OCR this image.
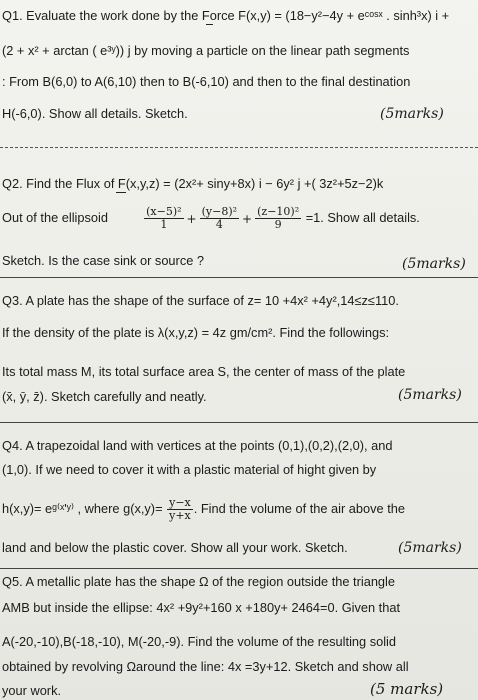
Q1. Evaluate the work done by the Force F(x,y) = (18−y²−4y + eᶜᵒˢˣ . sinh³x) i +
(2 + x² + arctan ( e³ʸ)) j by moving a particle on the linear path segments
: From B(6,0) to A(6,10) then to B(-6,10) and then to the final destination
H(-6,0). Show all details. Sketch.	(5marks)
Q2. Find the Flux of F(x,y,z) = (2x²+ siny+8x) i − 6y² j +( 3z²+5z−2)k
Out of the ellipsoid	$\frac{\text{(x−5)²}}{1} + \frac{\text{(y−8)²}}{4} + \frac{\text{(z−10)²}}{9} =1$. Show all details.
Sketch. Is the case sink or source ?	(5marks)
Q3. A plate has the shape of the surface of z= 10 +4x² +4y²,14≤z≤110.
If the density of the plate is λ(x,y,z) = 4z gm/cm². Find the followings:
Its total mass M, its total surface area S, the center of mass of the plate
(x̄, ȳ, z̄). Sketch carefully and neatly.	(5marks)
Q4. A trapezoidal land with vertices at the points (0,1),(0,2),(2,0), and
(1,0). If we need to cover it with a plastic material of hight given by
h(x,y)= eᵍ⁽ˣ'ʸ⁾ , where $g(x,y)= \frac{y-x}{y+x}$ . Find the volume of the air above the
land and below the plastic cover. Show all your work. Sketch.	(5marks)
Q5. A metallic plate has the shape Ω of the region outside the triangle
AMB but inside the ellipse: 4x² +9y²+160 x +180y+ 2464=0. Given that
A(-20,-10),B(-18,-10), M(-20,-9). Find the volume of the resulting solid
obtained by revolving Ωaround the line: 4x =3y+12. Sketch and show all
your work.	(5 marks)
